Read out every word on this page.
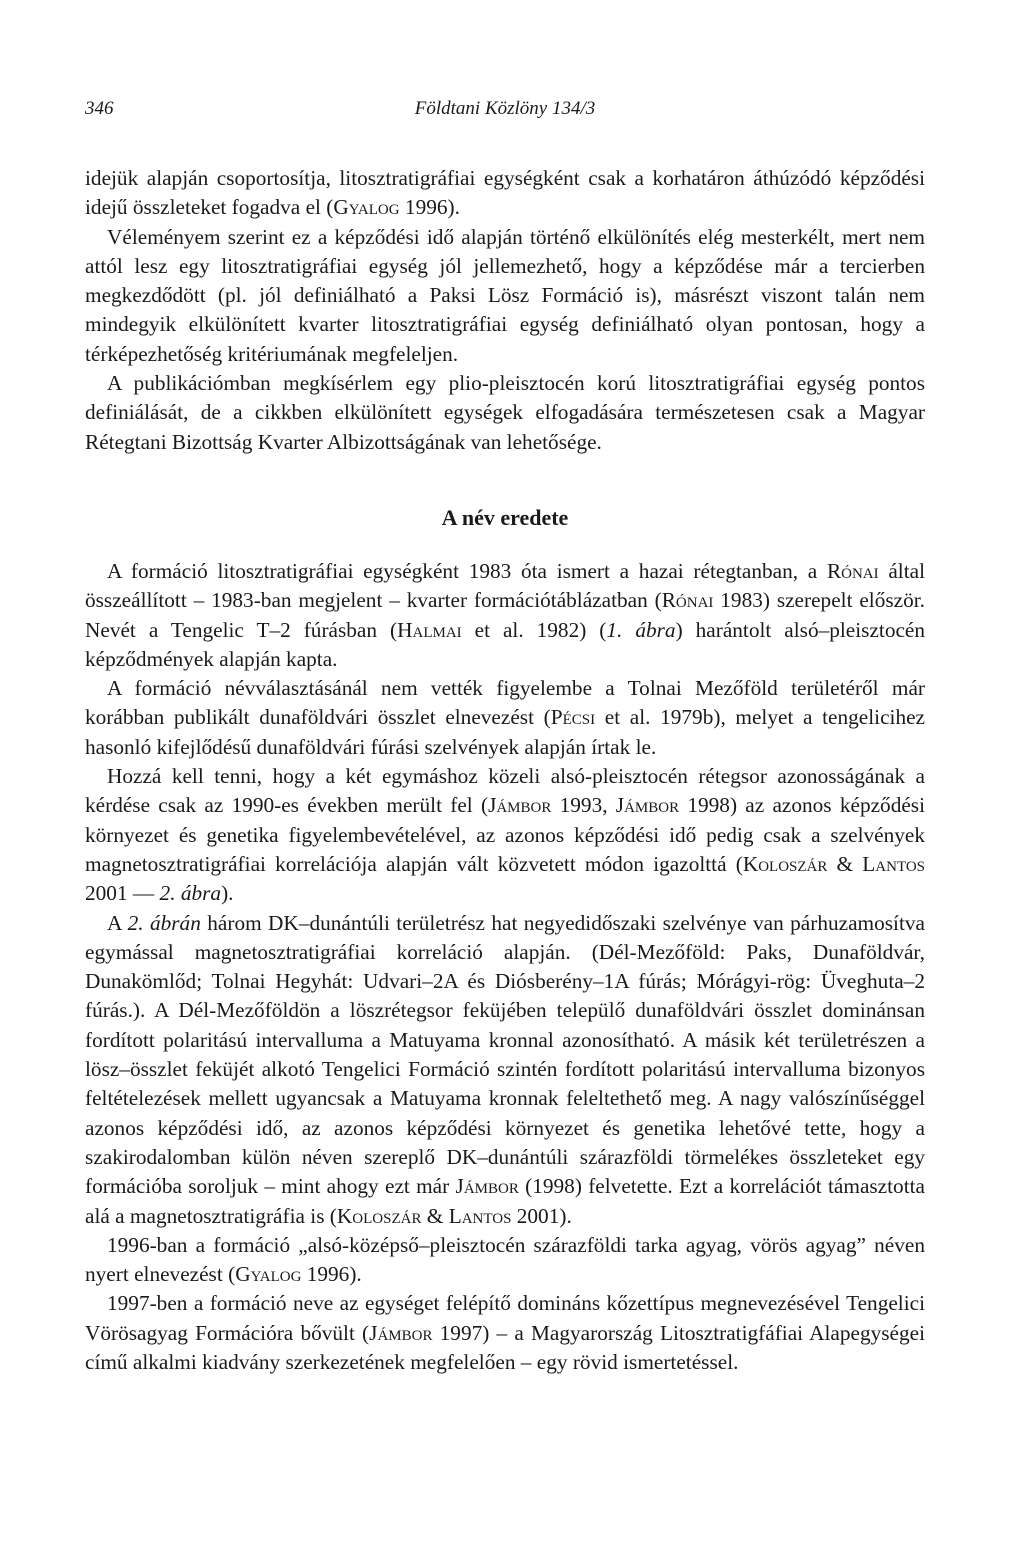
346	Földtani Közlöny 134/3

idejük alapján csoportosítja, litosztratigráfiai egységként csak a korhatáron áthúzódó képződési idejű összleteket fogadva el (Gyalog 1996).

Véleményem szerint ez a képződési idő alapján történő elkülönítés elég mesterkélt, mert nem attól lesz egy litosztratigráfiai egység jól jellemezhető, hogy a képződése már a tercierben megkezdődött (pl. jól definiálható a Paksi Lösz Formáció is), másrészt viszont talán nem mindegyik elkülönített kvarter litosztratigráfiai egység definiálható olyan pontosan, hogy a térképezhetőség kritériumának megfeleljen.

A publikációmban megkísérlem egy plio-pleisztocén korú litosztratigráfiai egység pontos definiálását, de a cikkben elkülönített egységek elfogadására természetesen csak a Magyar Rétegtani Bizottság Kvarter Albizottságának van lehetősége.

A név eredete

A formáció litosztratigráfiai egységként 1983 óta ismert a hazai rétegtanban, a Rónai által összeállított – 1983-ban megjelent – kvarter formációtáblázatban (Rónai 1983) szerepelt először. Nevét a Tengelic T–2 fúrásban (Halmai et al. 1982) (1. ábra) harántolt alsó–pleisztocén képződmények alapján kapta.

A formáció névválasztásánál nem vették figyelembe a Tolnai Mezőföld területéről már korábban publikált dunaföldvári összlet elnevezést (Pécsi et al. 1979b), melyet a tengelicihez hasonló kifejlődésű dunaföldvári fúrási szelvények alapján írtak le.

Hozzá kell tenni, hogy a két egymáshoz közeli alsó-pleisztocén rétegsor azonosságának a kérdése csak az 1990-es években merült fel (Jámbor 1993, Jámbor 1998) az azonos képződési környezet és genetika figyelembevételével, az azonos képződési idő pedig csak a szelvények magnetosztratigráfiai korrelációja alapján vált közvetett módon igazolttá (Koloszár & Lantos 2001 — 2. ábra).

A 2. ábrán három DK–dunántúli területrész hat negyedidőszaki szelvénye van párhuzamosítva egymással magnetosztratigráfiai korreláció alapján. (Dél-Mezőföld: Paks, Dunaföldvár, Dunakömlőd; Tolnai Hegyhát: Udvari–2A és Diósberény–1A fúrás; Mórágyi-rög: Üveghuta–2 fúrás.). A Dél-Mezőföldön a löszrétegsor feküjében települő dunaföldvári összlet dominánsan fordított polaritású intervalluma a Matuyama kronnal azonosítható. A másik két területrészen a lösz–összlet feküjét alkotó Tengelici Formáció szintén fordított polaritású intervalluma bizonyos feltételezések mellett ugyancsak a Matuyama kronnak feleltethető meg. A nagy valószínűséggel azonos képződési idő, az azonos képződési környezet és genetika lehetővé tette, hogy a szakirodalomban külön néven szereplő DK–dunántúli szárazföldi törmelékes összleteket egy formációba soroljuk – mint ahogy ezt már Jámbor (1998) felvetette. Ezt a korrelációt támasztotta alá a magnetosztratigráfia is (Koloszár & Lantos 2001).

1996-ban a formáció „alsó-középső–pleisztocén szárazföldi tarka agyag, vörös agyag” néven nyert elnevezést (Gyalog 1996).

1997-ben a formáció neve az egységet felépítő domináns kőzettípus megnevezésével Tengelici Vörösagyag Formációra bővült (Jámbor 1997) – a Magyarország Litosztratigfáfiai Alapegységei című alkalmi kiadvány szerkezetének megfelelően – egy rövid ismertetéssel.
